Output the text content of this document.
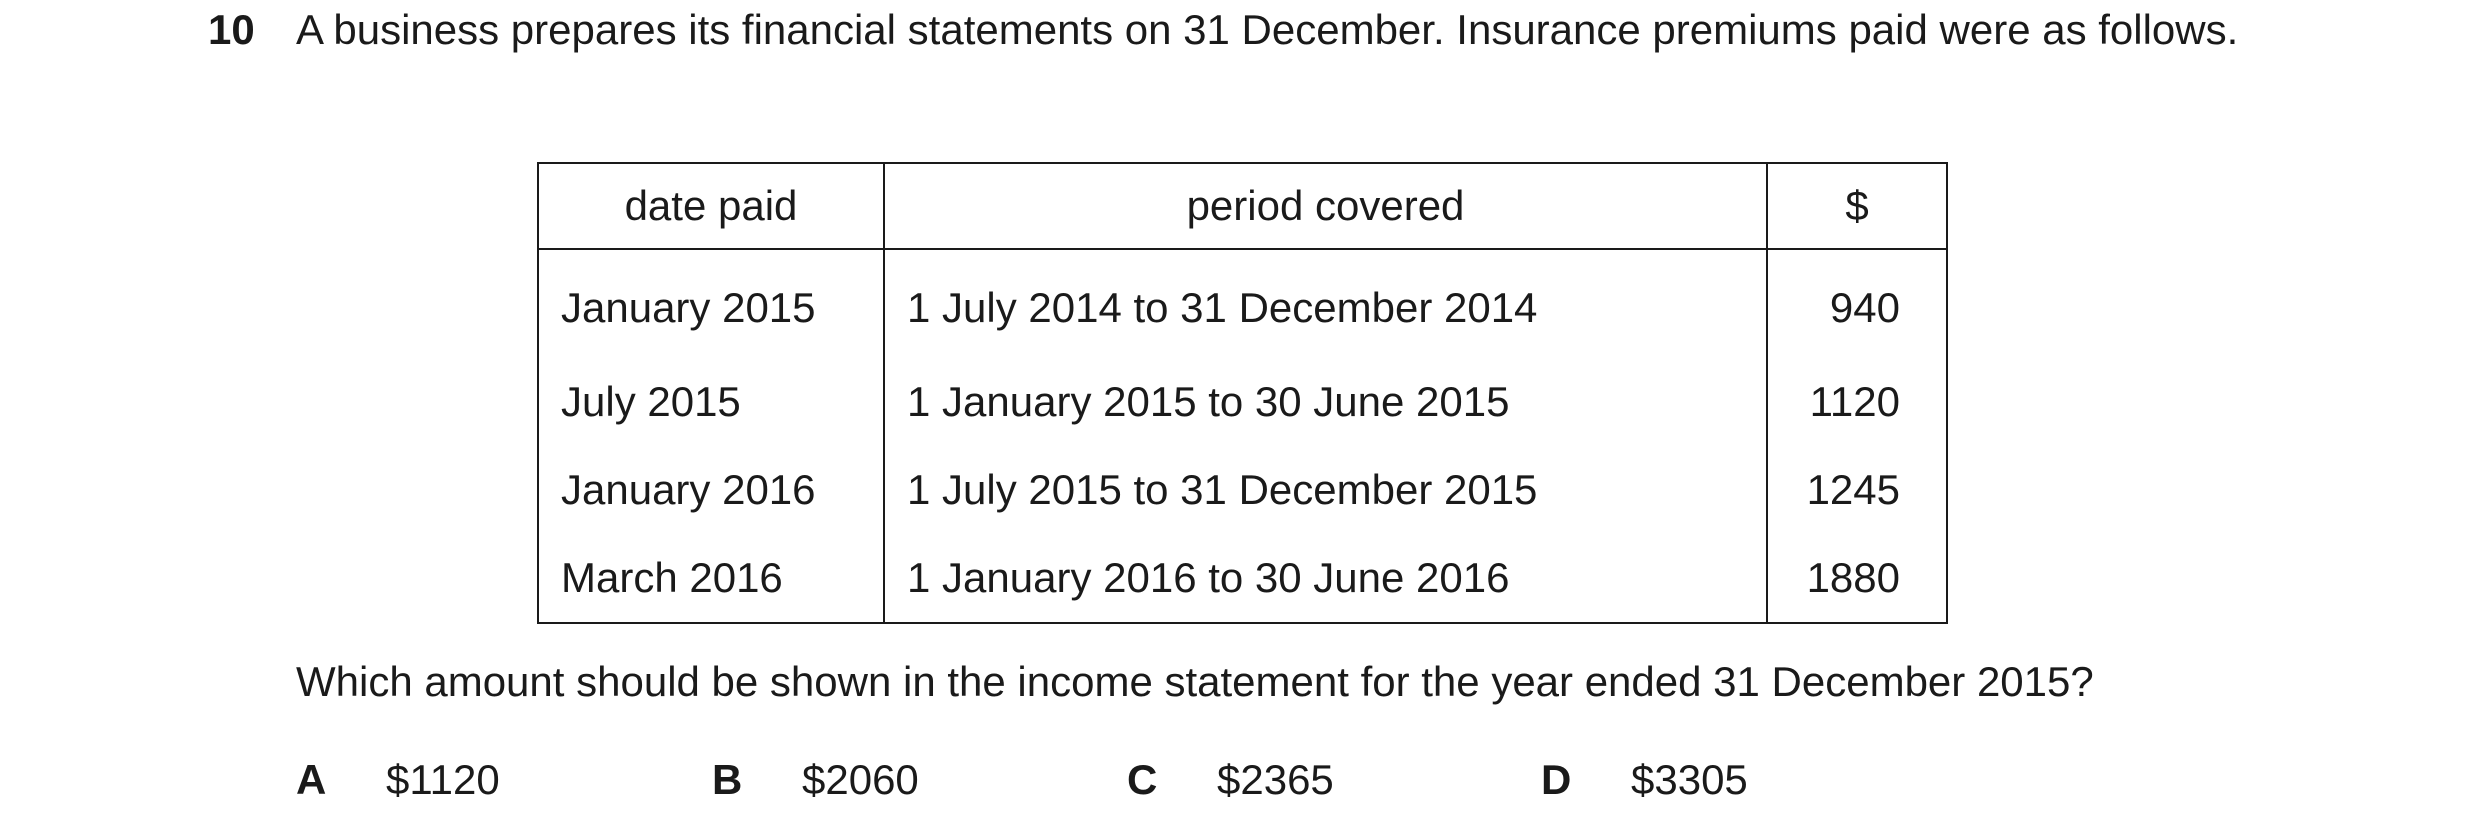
10 A business prepares its financial statements on 31 December. Insurance premiums paid were as follows.
date paid	period covered	$
January 2015	1 July 2014 to 31 December 2014	940
July 2015	1 January 2015 to 30 June 2015	1120
January 2016	1 July 2015 to 31 December 2015	1245
March 2016	1 January 2016 to 30 June 2016	1880
Which amount should be shown in the income statement for the year ended 31 December 2015?
A $1120	B $2060	C $2365	D $3305
